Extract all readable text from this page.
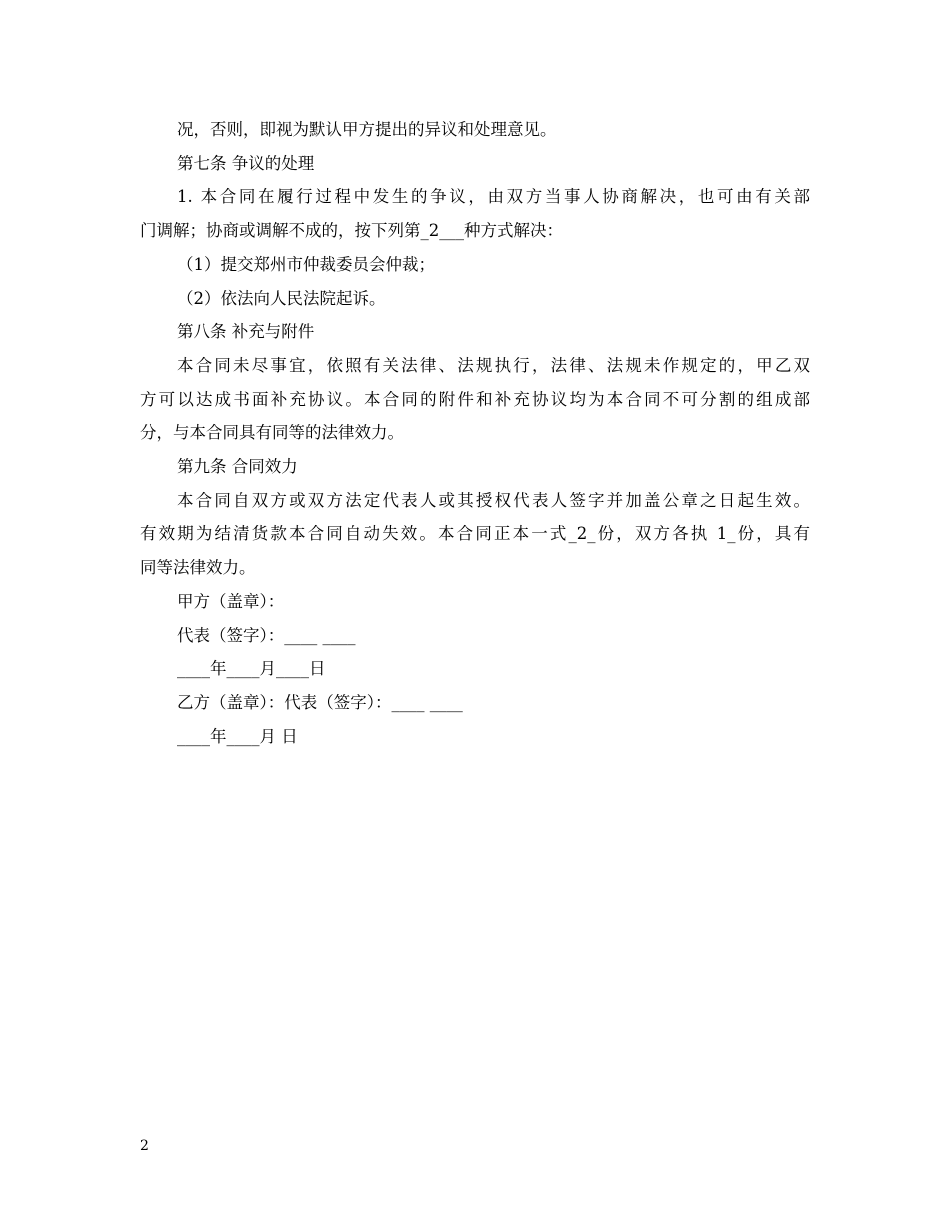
况，否则，即视为默认甲方提出的异议和处理意见。

第七条 争议的处理

1. 本合同在履行过程中发生的争议，由双方当事人协商解决，也可由有关部

门调解；协商或调解不成的，按下列第_2___种方式解决：

（1）提交郑州市仲裁委员会仲裁；

（2）依法向人民法院起诉。

第八条 补充与附件

本合同未尽事宜，依照有关法律、法规执行，法律、法规未作规定的，甲乙双

方可以达成书面补充协议。本合同的附件和补充协议均为本合同不可分割的组成部

分，与本合同具有同等的法律效力。

第九条 合同效力

本合同自双方或双方法定代表人或其授权代表人签字并加盖公章之日起生效。

有效期为结清货款本合同自动失效。本合同正本一式_2_份，双方各执 1_份，具有

同等法律效力。

甲方（盖章）：

代表（签字）：____ ____

____年____月____日

乙方（盖章）：代表（签字）：____ ____

____年____月 日

2
